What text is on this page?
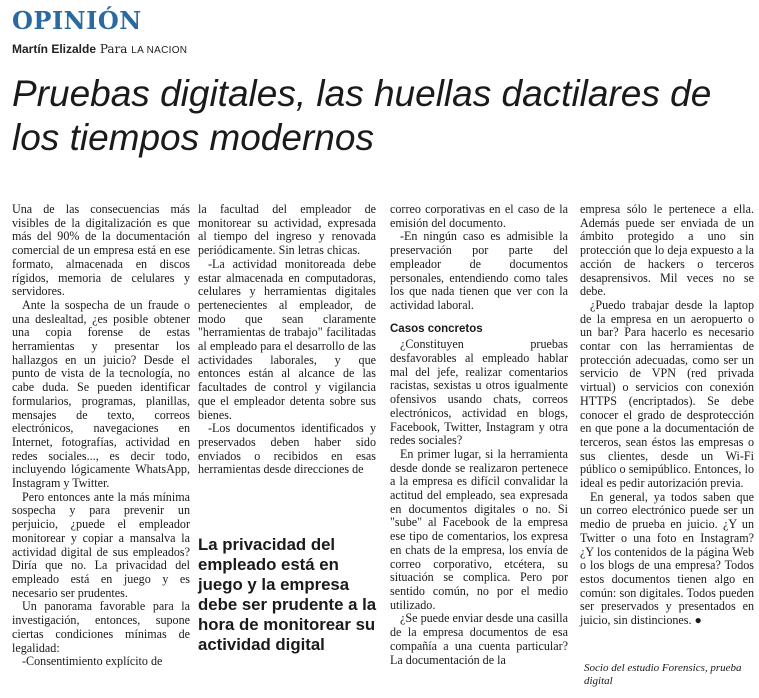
OPINIÓN
Martín Elizalde Para LA NACION
Pruebas digitales, las huellas dactilares de los tiempos modernos

Una de las consecuencias más visibles de la digitalización es que más del 90% de la documentación comercial de un empresa está en ese formato, almacenada en discos rígidos, memoria de celulares y servidores.

Ante la sospecha de un fraude o una deslealtad, ¿es posible obtener una copia forense de estas herramientas y presentar los hallazgos en un juicio? Desde el punto de vista de la tecnología, no cabe duda. Se pueden identificar formularios, programas, planillas, mensajes de texto, correos electrónicos, navegaciones en Internet, fotografías, actividad en redes sociales..., es decir todo, incluyendo lógicamente WhatsApp, Instagram y Twitter.

Pero entonces ante la más mínima sospecha y para prevenir un perjuicio, ¿puede el empleador monitorear y copiar a mansalva la actividad digital de sus empleados? Diría que no. La privacidad del empleado está en juego y es necesario ser prudentes.

Un panorama favorable para la investigación, entonces, supone ciertas condiciones mínimas de legalidad:

-Consentimiento explícito de

la facultad del empleador de monitorear su actividad, expresada al tiempo del ingreso y renovada periódicamente. Sin letras chicas.

-La actividad monitoreada debe estar almacenada en computadoras, celulares y herramientas digitales pertenecientes al empleador, de modo que sean claramente "herramientas de trabajo" facilitadas al empleado para el desarrollo de las actividades laborales, y que entonces están al alcance de las facultades de control y vigilancia que el empleador detenta sobre sus bienes.

-Los documentos identificados y preservados deben haber sido enviados o recibidos en esas herramientas desde direcciones de

La privacidad del empleado está en juego y la empresa debe ser prudente a la hora de monitorear su actividad digital

correo corporativas en el caso de la emisión del documento.

-En ningún caso es admisible la preservación por parte del empleador de documentos personales, entendiendo como tales los que nada tienen que ver con la actividad laboral.

Casos concretos

¿Constituyen pruebas desfavorables al empleado hablar mal del jefe, realizar comentarios racistas, sexistas u otros igualmente ofensivos usando chats, correos electrónicos, actividad en blogs, Facebook, Twitter, Instagram y otra redes sociales?

En primer lugar, si la herramienta desde donde se realizaron pertenece a la empresa es difícil convalidar la actitud del empleado, sea expresada en documentos digitales o no. Si "sube" al Facebook de la empresa ese tipo de comentarios, los expresa en chats de la empresa, los envía de correo corporativo, etcétera, su situación se complica. Pero por sentido común, no por el medio utilizado.

¿Se puede enviar desde una casilla de la empresa documentos de esa compañía a una cuenta particular? La documentación de la

empresa sólo le pertenece a ella. Además puede ser enviada de un ámbito protegido a uno sin protección que lo deja expuesto a la acción de hackers o terceros desaprensivos. Mil veces no se debe.

¿Puedo trabajar desde la laptop de la empresa en un aeropuerto o un bar? Para hacerlo es necesario contar con las herramientas de protección adecuadas, como ser un servicio de VPN (red privada virtual) o servicios con conexión HTTPS (encriptados). Se debe conocer el grado de desprotección en que pone a la documentación de terceros, sean éstos las empresas o sus clientes, desde un Wi-Fi público o semipúblico. Entonces, lo ideal es pedir autorización previa.

En general, ya todos saben que un correo electrónico puede ser un medio de prueba en juicio. ¿Y un Twitter o una foto en Instagram? ¿Y los contenidos de la página Web o los blogs de una empresa? Todos estos documentos tienen algo en común: son digitales. Todos pueden ser preservados y presentados en juicio, sin distinciones. ●

Socio del estudio Forensics, prueba digital
